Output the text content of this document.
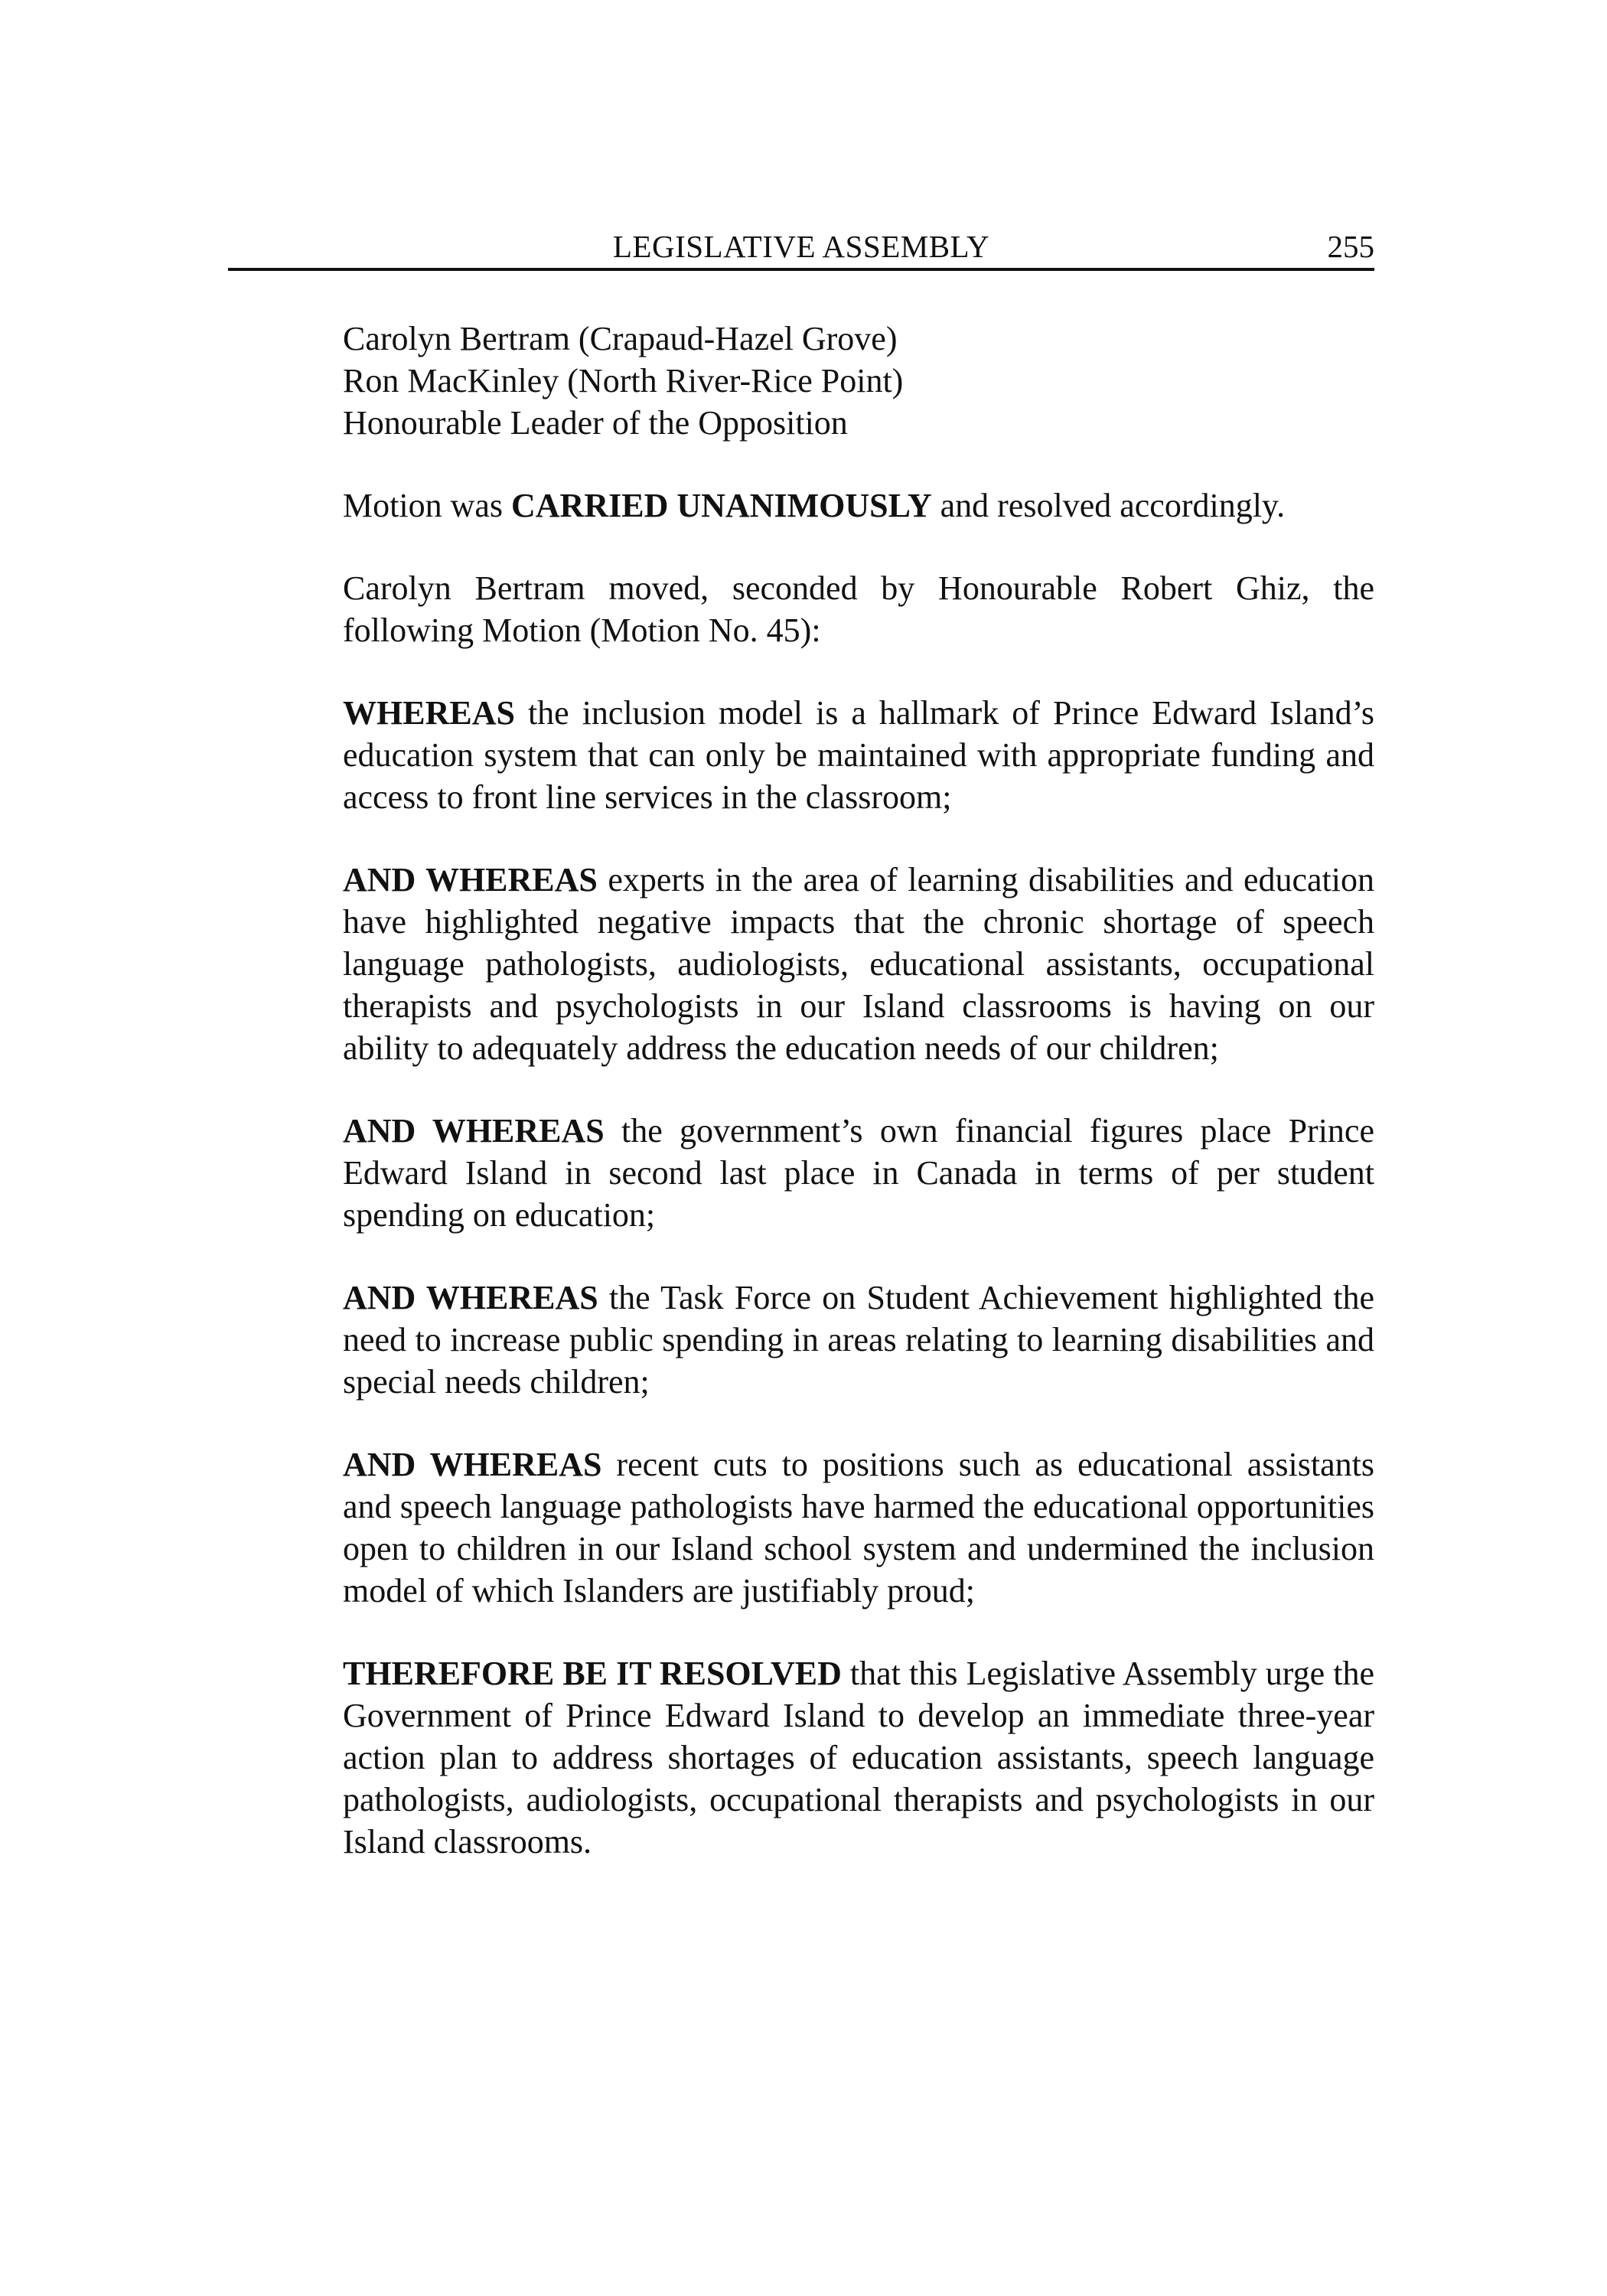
LEGISLATIVE ASSEMBLY	255
Carolyn Bertram (Crapaud-Hazel Grove)
Ron MacKinley (North River-Rice Point)
Honourable Leader of the Opposition

Motion was CARRIED UNANIMOUSLY and resolved accordingly.

Carolyn Bertram moved, seconded by Honourable Robert Ghiz, the following Motion (Motion No. 45):

WHEREAS the inclusion model is a hallmark of Prince Edward Island’s education system that can only be maintained with appropriate funding and access to front line services in the classroom;

AND WHEREAS experts in the area of learning disabilities and education have highlighted negative impacts that the chronic shortage of speech language pathologists, audiologists, educational assistants, occupational therapists and psychologists in our Island classrooms is having on our ability to adequately address the education needs of our children;

AND WHEREAS the government’s own financial figures place Prince Edward Island in second last place in Canada in terms of per student spending on education;

AND WHEREAS the Task Force on Student Achievement highlighted the need to increase public spending in areas relating to learning disabilities and special needs children;

AND WHEREAS recent cuts to positions such as educational assistants and speech language pathologists have harmed the educational opportunities open to children in our Island school system and undermined the inclusion model of which Islanders are justifiably proud;

THEREFORE BE IT RESOLVED that this Legislative Assembly urge the Government of Prince Edward Island to develop an immediate three-year action plan to address shortages of education assistants, speech language pathologists, audiologists, occupational therapists and psychologists in our Island classrooms.
